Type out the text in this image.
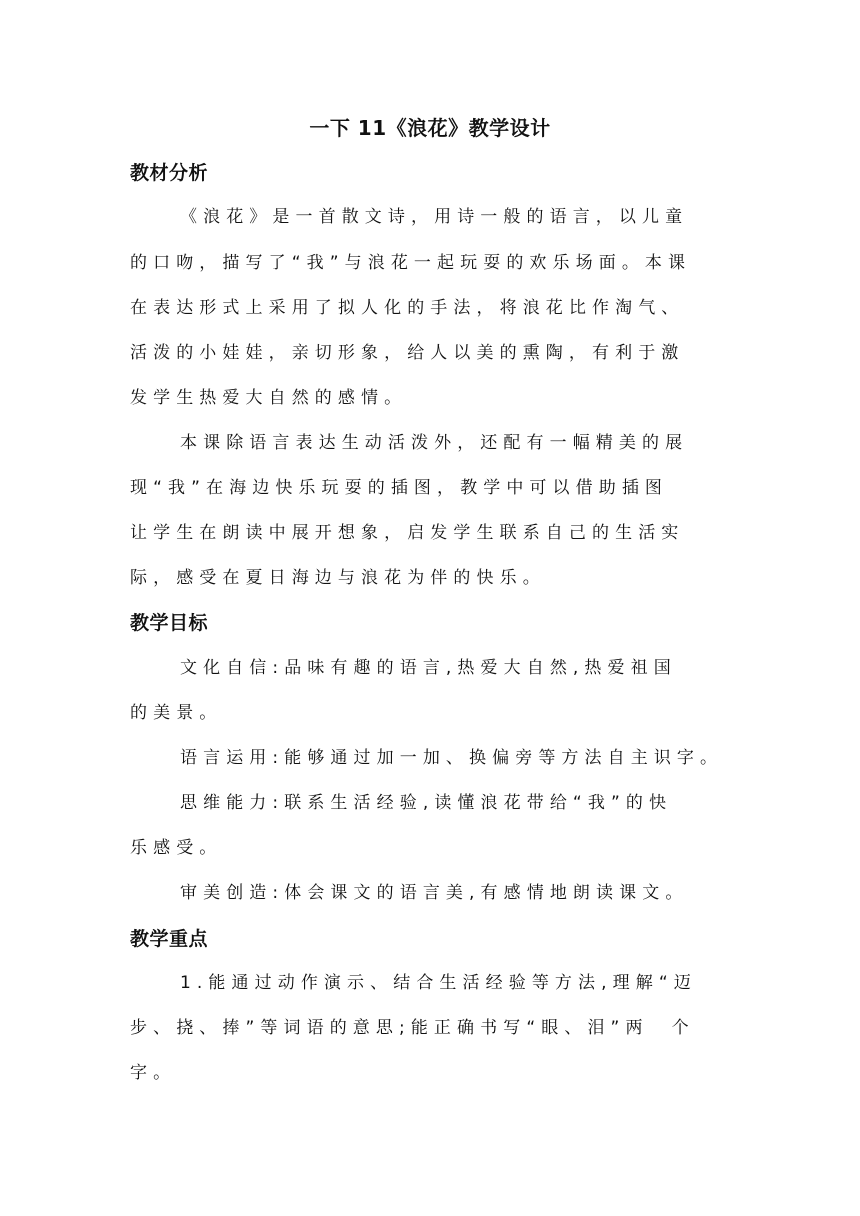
一下 11《浪花》教学设计
教材分析
《浪花》是一首散文诗，用诗一般的语言，以儿童
的口吻，描写了“我”与浪花一起玩耍的欢乐场面。本课
在表达形式上采用了拟人化的手法，将浪花比作淘气、
活泼的小娃娃，亲切形象，给人以美的熏陶，有利于激
发学生热爱大自然的感情。
本课除语言表达生动活泼外，还配有一幅精美的展
现“我”在海边快乐玩耍的插图，教学中可以借助插图
让学生在朗读中展开想象，启发学生联系自己的生活实
际，感受在夏日海边与浪花为伴的快乐。
教学目标
文化自信:品味有趣的语言,热爱大自然,热爱祖国
的美景。
语言运用:能够通过加一加、换偏旁等方法自主识字。
思维能力:联系生活经验,读懂浪花带给“我”的快
乐感受。
审美创造:体会课文的语言美,有感情地朗读课文。
教学重点
1.能通过动作演示、结合生活经验等方法,理解“迈
步、挠、捧”等词语的意思;能正确书写“眼、泪”两　个
字。
